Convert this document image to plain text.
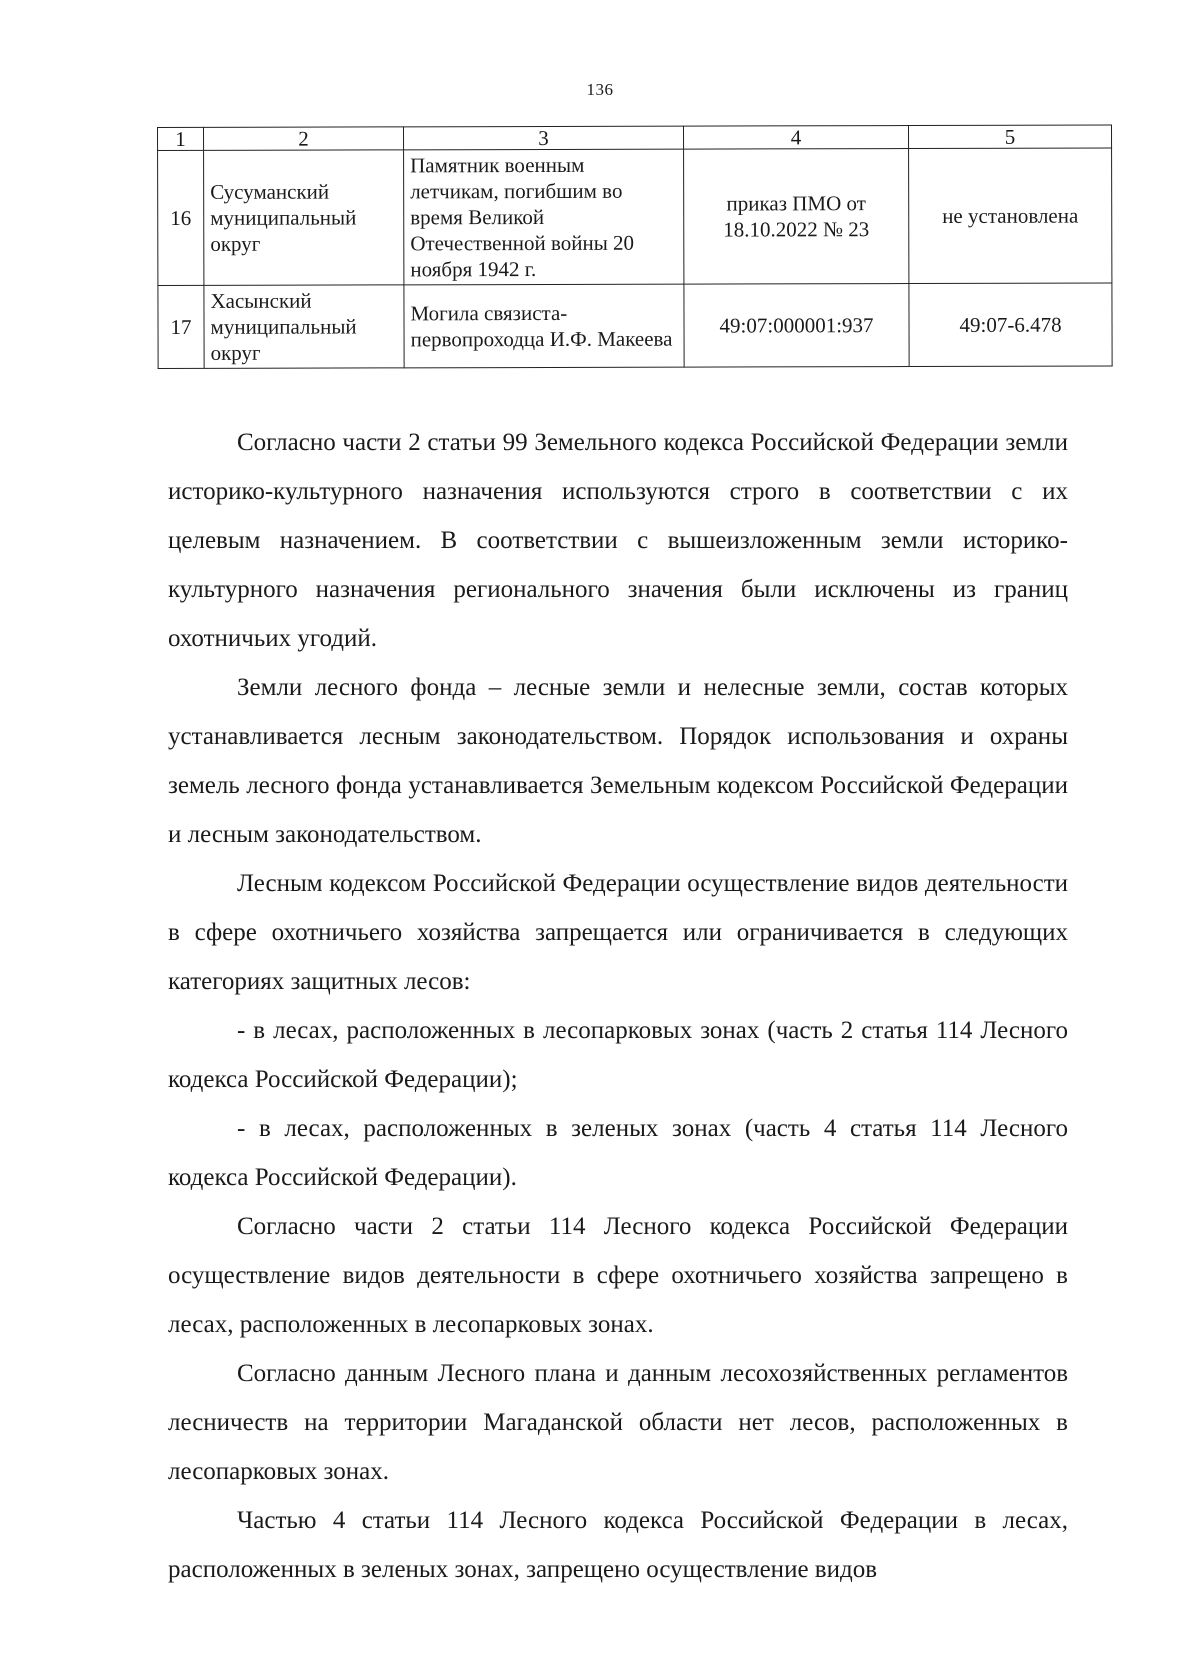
136
1	2	3	4	5
16	Сусуманский муниципальный округ	Памятник военным летчикам, погибшим во время Великой Отечественной войны 20 ноября 1942 г.	приказ ПМО от 18.10.2022 № 23	не установлена
17	Хасынский муниципальный округ	Могила связиста-первопроходца И.Ф. Макеева	49:07:000001:937	49:07-6.478

Согласно части 2 статьи 99 Земельного кодекса Российской Федерации земли историко-культурного назначения используются строго в соответствии с их целевым назначением. В соответствии с вышеизложенным земли историко-культурного назначения регионального значения были исключены из границ охотничьих угодий.

Земли лесного фонда – лесные земли и нелесные земли, состав которых устанавливается лесным законодательством. Порядок использования и охраны земель лесного фонда устанавливается Земельным кодексом Российской Федерации и лесным законодательством.

Лесным кодексом Российской Федерации осуществление видов деятельности в сфере охотничьего хозяйства запрещается или ограничивается в следующих категориях защитных лесов:

- в лесах, расположенных в лесопарковых зонах (часть 2 статья 114 Лесного кодекса Российской Федерации);

- в лесах, расположенных в зеленых зонах (часть 4 статья 114 Лесного кодекса Российской Федерации).

Согласно части 2 статьи 114 Лесного кодекса Российской Федерации осуществление видов деятельности в сфере охотничьего хозяйства запрещено в лесах, расположенных в лесопарковых зонах.

Согласно данным Лесного плана и данным лесохозяйственных регламентов лесничеств на территории Магаданской области нет лесов, расположенных в лесопарковых зонах.

Частью 4 статьи 114 Лесного кодекса Российской Федерации в лесах, расположенных в зеленых зонах, запрещено осуществление видов
